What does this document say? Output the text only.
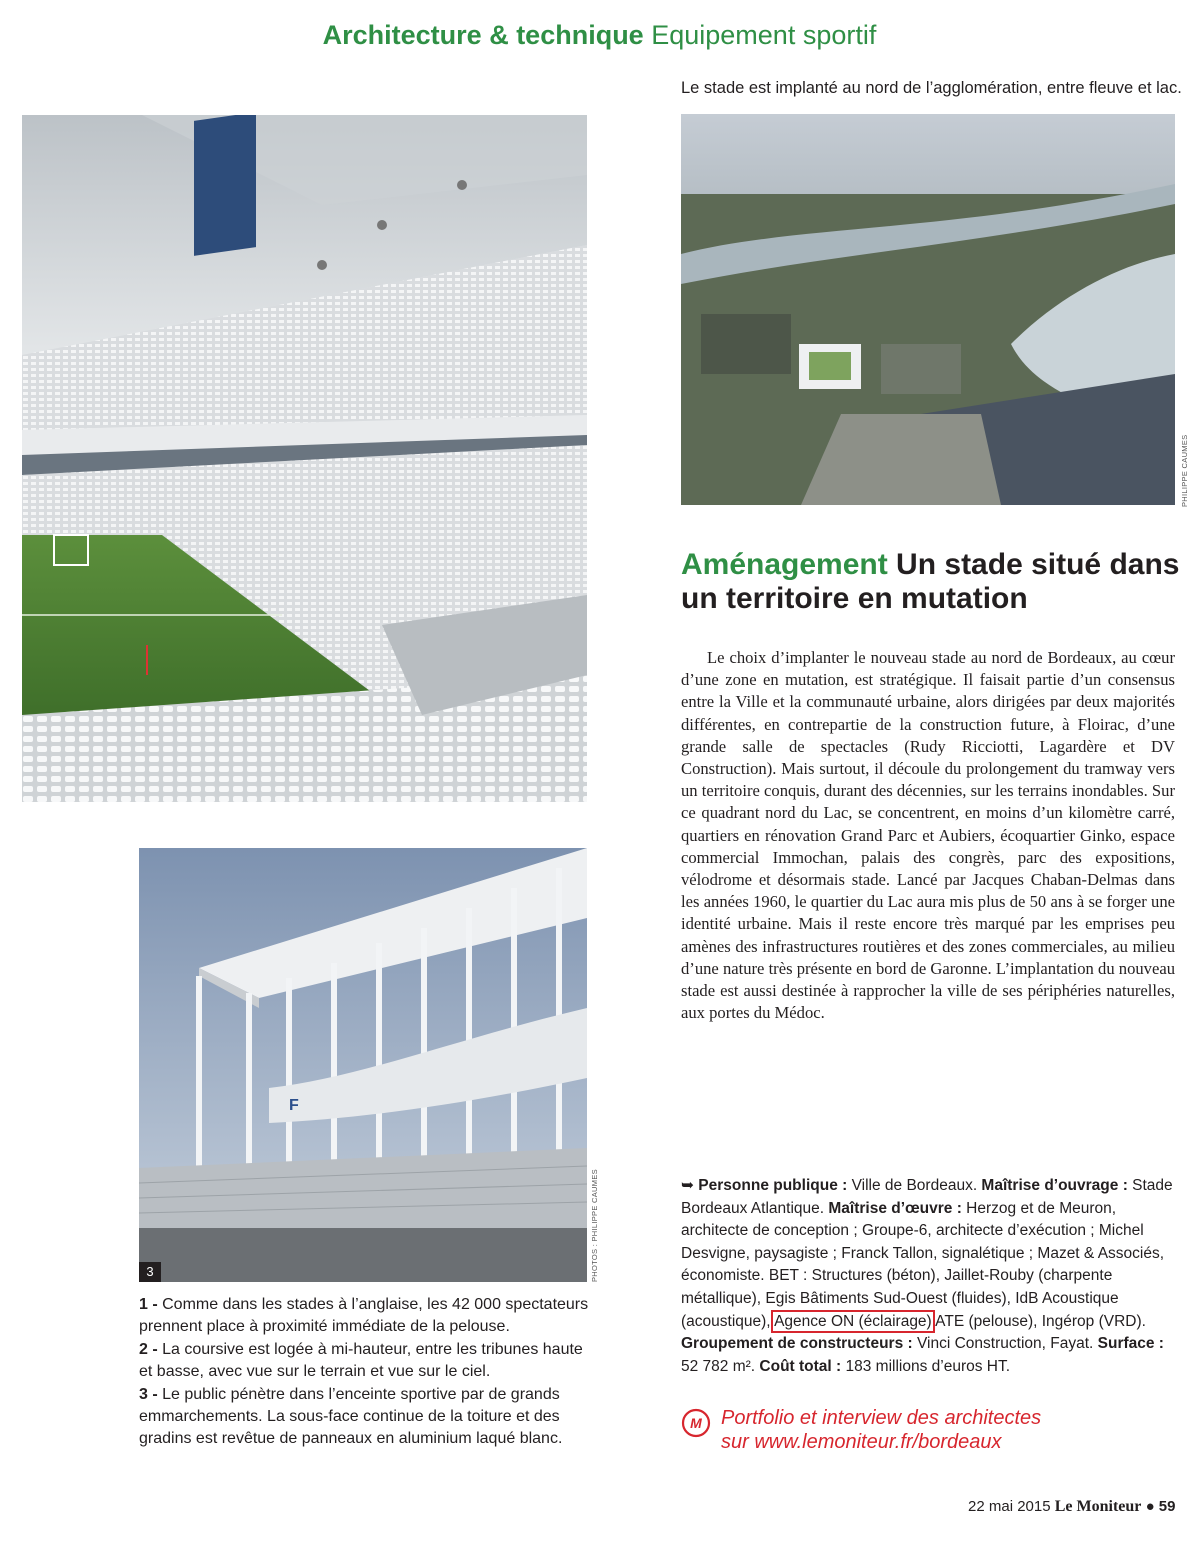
Architecture & technique Equipement sportif
Le stade est implanté au nord de l’agglomération, entre fleuve et lac.
PHILIPPE CAUMES
Aménagement Un stade situé dans un territoire en mutation
Le choix d’implanter le nouveau stade au nord de Bordeaux, au cœur d’une zone en mutation, est stratégique. Il faisait partie d’un consensus entre la Ville et la communauté urbaine, alors dirigées par deux majorités différentes, en contrepartie de la construction future, à Floirac, d’une grande salle de spectacles (Rudy Ricciotti, Lagardère et DV Construction). Mais surtout, il découle du prolongement du tramway vers un territoire conquis, durant des décennies, sur les terrains inondables. Sur ce quadrant nord du Lac, se concentrent, en moins d’un kilomètre carré, quartiers en rénovation Grand Parc et Aubiers, écoquartier Ginko, espace commercial Immochan, palais des congrès, parc des expositions, vélodrome et désormais stade. Lancé par Jacques Chaban-Delmas dans les années 1960, le quartier du Lac aura mis plus de 50 ans à se forger une identité urbaine. Mais il reste encore très marqué par les emprises peu amènes des infrastructures routières et des zones commerciales, au milieu d’une nature très présente en bord de Garonne. L’implantation du nouveau stade est aussi destinée à rapprocher la ville de ses périphéries naturelles, aux portes du Médoc.
F
3	PHOTOS : PHILIPPE CAUMES

1 - Comme dans les stades à l’anglaise, les 42 000 spectateurs prennent place à proximité immédiate de la pelouse.

2 - La coursive est logée à mi-hauteur, entre les tribunes haute et basse, avec vue sur le terrain et vue sur le ciel.

3 - Le public pénètre dans l’enceinte sportive par de grands emmarchements. La sous-face continue de la toiture et des gradins est revêtue de panneaux en aluminium laqué blanc.

➥ Personne publique : Ville de Bordeaux. Maîtrise d’ouvrage : Stade Bordeaux Atlantique. Maîtrise d’œuvre : Herzog et de Meuron, architecte de conception ; Groupe-6, architecte d’exécution ; Michel Desvigne, paysagiste ; Franck Tallon, signalétique ; Mazet & Associés, économiste. BET : Structures (béton), Jaillet-Rouby (charpente métallique), Egis Bâtiments Sud-Ouest (fluides), IdB Acoustique (acoustique), Agence ON (éclairage) ATE (pelouse), Ingérop (VRD). Groupement de constructeurs : Vinci Construction, Fayat. Surface : 52 782 m². Coût total : 183 millions d’euros HT.
M Portfolio et interview des architectes
sur www.lemoniteur.fr/bordeaux
22 mai 2015 Le Moniteur ● 59
